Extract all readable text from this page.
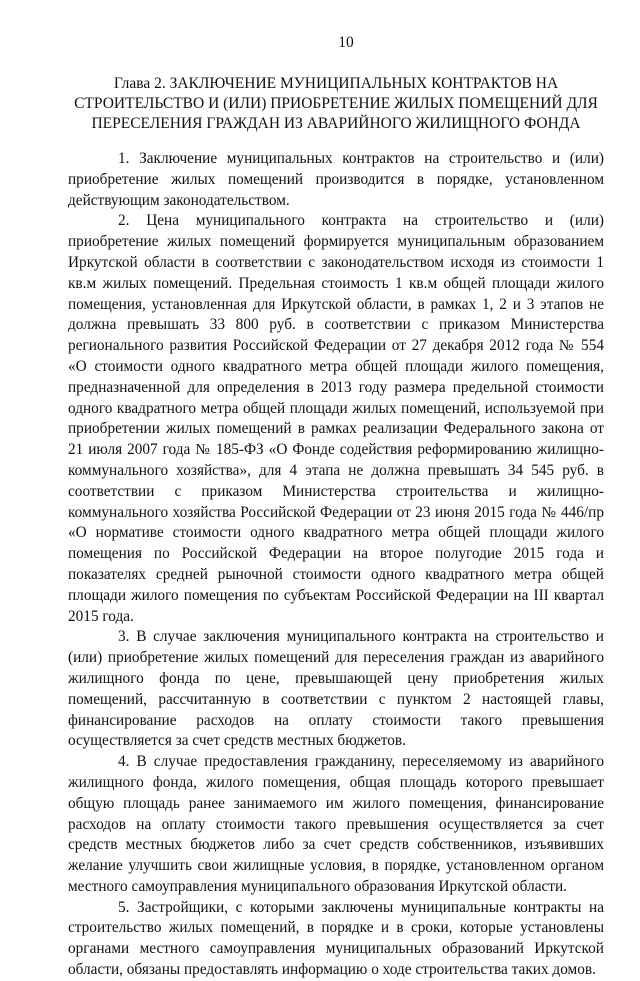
10
Глава 2. ЗАКЛЮЧЕНИЕ МУНИЦИПАЛЬНЫХ КОНТРАКТОВ НА
СТРОИТЕЛЬСТВО И (ИЛИ) ПРИОБРЕТЕНИЕ ЖИЛЫХ ПОМЕЩЕНИЙ ДЛЯ
ПЕРЕСЕЛЕНИЯ ГРАЖДАН ИЗ АВАРИЙНОГО ЖИЛИЩНОГО ФОНДА

1. Заключение муниципальных контрактов на строительство и (или) приобретение жилых помещений производится в порядке, установленном действующим законодательством.

2. Цена муниципального контракта на строительство и (или) приобретение жилых помещений формируется муниципальным образованием Иркутской области в соответствии с законодательством исходя из стоимости 1 кв.м жилых помещений. Предельная стоимость 1 кв.м общей площади жилого помещения, установленная для Иркутской области, в рамках 1, 2 и 3 этапов не должна превышать 33 800 руб. в соответствии с приказом Министерства регионального развития Российской Федерации от 27 декабря 2012 года № 554 «О стоимости одного квадратного метра общей площади жилого помещения, предназначенной для определения в 2013 году размера предельной стоимости одного квадратного метра общей площади жилых помещений, используемой при приобретении жилых помещений в рамках реализации Федерального закона от 21 июля 2007 года № 185-ФЗ «О Фонде содействия реформированию жилищно-коммунального хозяйства», для 4 этапа не должна превышать 34 545 руб. в соответствии с приказом Министерства строительства и жилищно-коммунального хозяйства Российской Федерации от 23 июня 2015 года № 446/пр «О нормативе стоимости одного квадратного метра общей площади жилого помещения по Российской Федерации на второе полугодие 2015 года и показателях средней рыночной стоимости одного квадратного метра общей площади жилого помещения по субъектам Российской Федерации на III квартал 2015 года.

3. В случае заключения муниципального контракта на строительство и (или) приобретение жилых помещений для переселения граждан из аварийного жилищного фонда по цене, превышающей цену приобретения жилых помещений, рассчитанную в соответствии с пунктом 2 настоящей главы, финансирование расходов на оплату стоимости такого превышения осуществляется за счет средств местных бюджетов.

4. В случае предоставления гражданину, переселяемому из аварийного жилищного фонда, жилого помещения, общая площадь которого превышает общую площадь ранее занимаемого им жилого помещения, финансирование расходов на оплату стоимости такого превышения осуществляется за счет средств местных бюджетов либо за счет средств собственников, изъявивших желание улучшить свои жилищные условия, в порядке, установленном органом местного самоуправления муниципального образования Иркутской области.

5. Застройщики, с которыми заключены муниципальные контракты на строительство жилых помещений, в порядке и в сроки, которые установлены органами местного самоуправления муниципальных образований Иркутской области, обязаны предоставлять информацию о ходе строительства таких домов.
